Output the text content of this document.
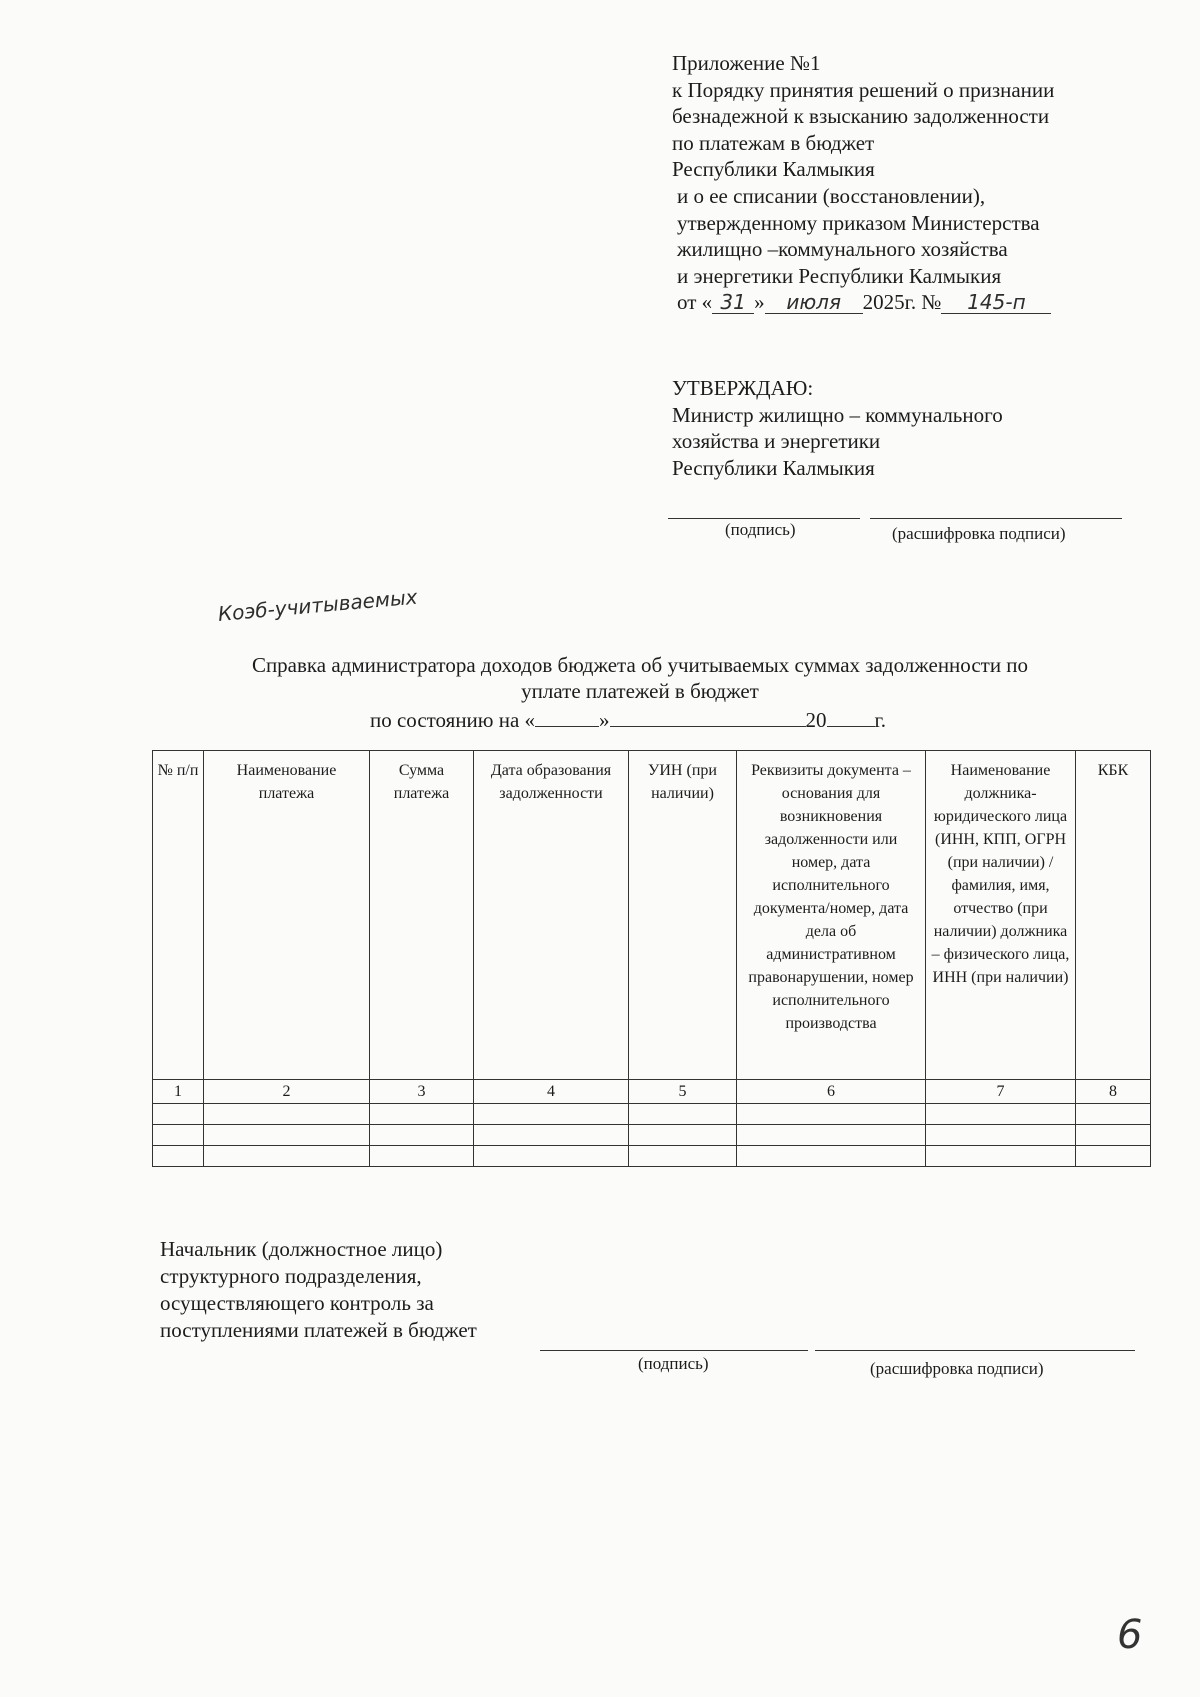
Приложение №1
к Порядку принятия решений о признании
безнадежной к взысканию задолженности
по платежам в бюджет
Республики Калмыкия
и о ее списании (восстановлении),
утвержденному приказом Министерства
жилищно –коммунального хозяйства
и энергетики Республики Калмыкия
от « 31 » июля 2025г. № 145-п
УТВЕРЖДАЮ:
Министр жилищно – коммунального
хозяйства и энергетики
Республики Калмыкия
(подпись)	(расшифровка подписи)
Коэб-учитываемых
Справка администратора доходов бюджета об учитываемых суммах задолженности по
уплате платежей в бюджет
по состоянию на «	»	20 г.
№ п/п	Наименование платежа	Сумма платежа	Дата образования задолженности	УИН (при наличии)	Реквизиты документа – основания для возникновения задолженности или номер, дата исполнительного документа/номер, дата дела об административном правонарушении, номер исполнительного производства	Наименование должника-юридического лица (ИНН, КПП, ОГРН (при наличии) / фамилия, имя, отчество (при наличии) должника – физического лица, ИНН (при наличии)	КБК
1	2	3	4	5	6	7	8

Начальник (должностное лицо)
структурного подразделения,
осуществляющего контроль за
поступлениями платежей в бюджет
(подпись)	(расшифровка подписи)
6
